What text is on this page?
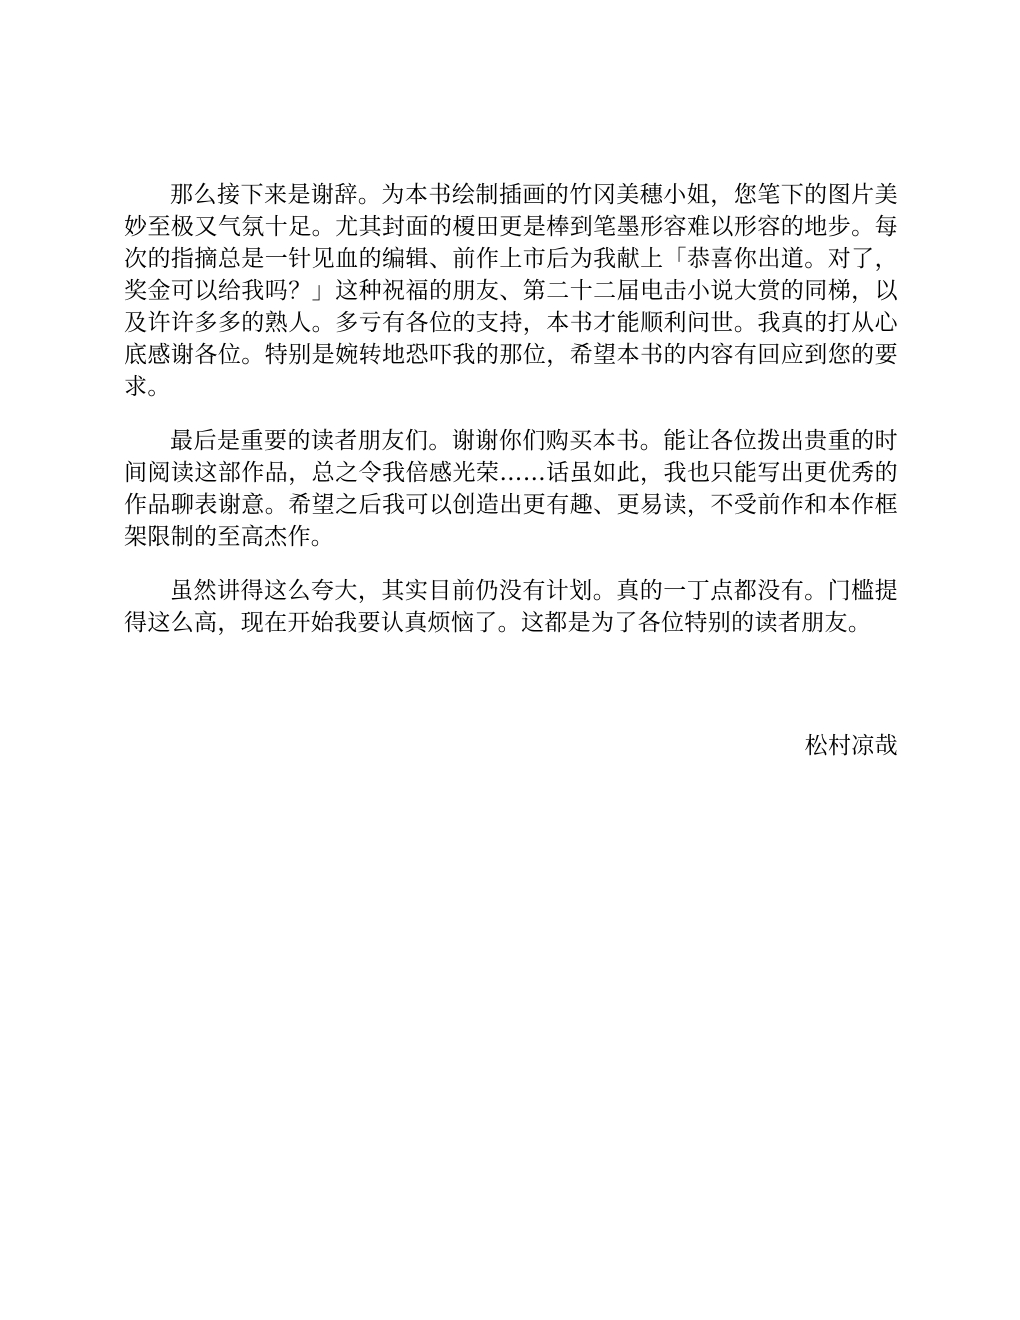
那么接下来是谢辞。为本书绘制插画的竹冈美穗小姐，您笔下的图片美妙至极又气氛十足。尤其封面的榎田更是棒到笔墨形容难以形容的地步。每次的指摘总是一针见血的编辑、前作上市后为我献上「恭喜你出道。对了，奖金可以给我吗？」这种祝福的朋友、第二十二届电击小说大赏的同梯，以及许许多多的熟人。多亏有各位的支持，本书才能顺利问世。我真的打从心底感谢各位。特别是婉转地恐吓我的那位，希望本书的内容有回应到您的要求。

最后是重要的读者朋友们。谢谢你们购买本书。能让各位拨出贵重的时间阅读这部作品，总之令我倍感光荣……话虽如此，我也只能写出更优秀的作品聊表谢意。希望之后我可以创造出更有趣、更易读，不受前作和本作框架限制的至高杰作。

虽然讲得这么夸大，其实目前仍没有计划。真的一丁点都没有。门槛提得这么高，现在开始我要认真烦恼了。这都是为了各位特别的读者朋友。

松村凉哉
